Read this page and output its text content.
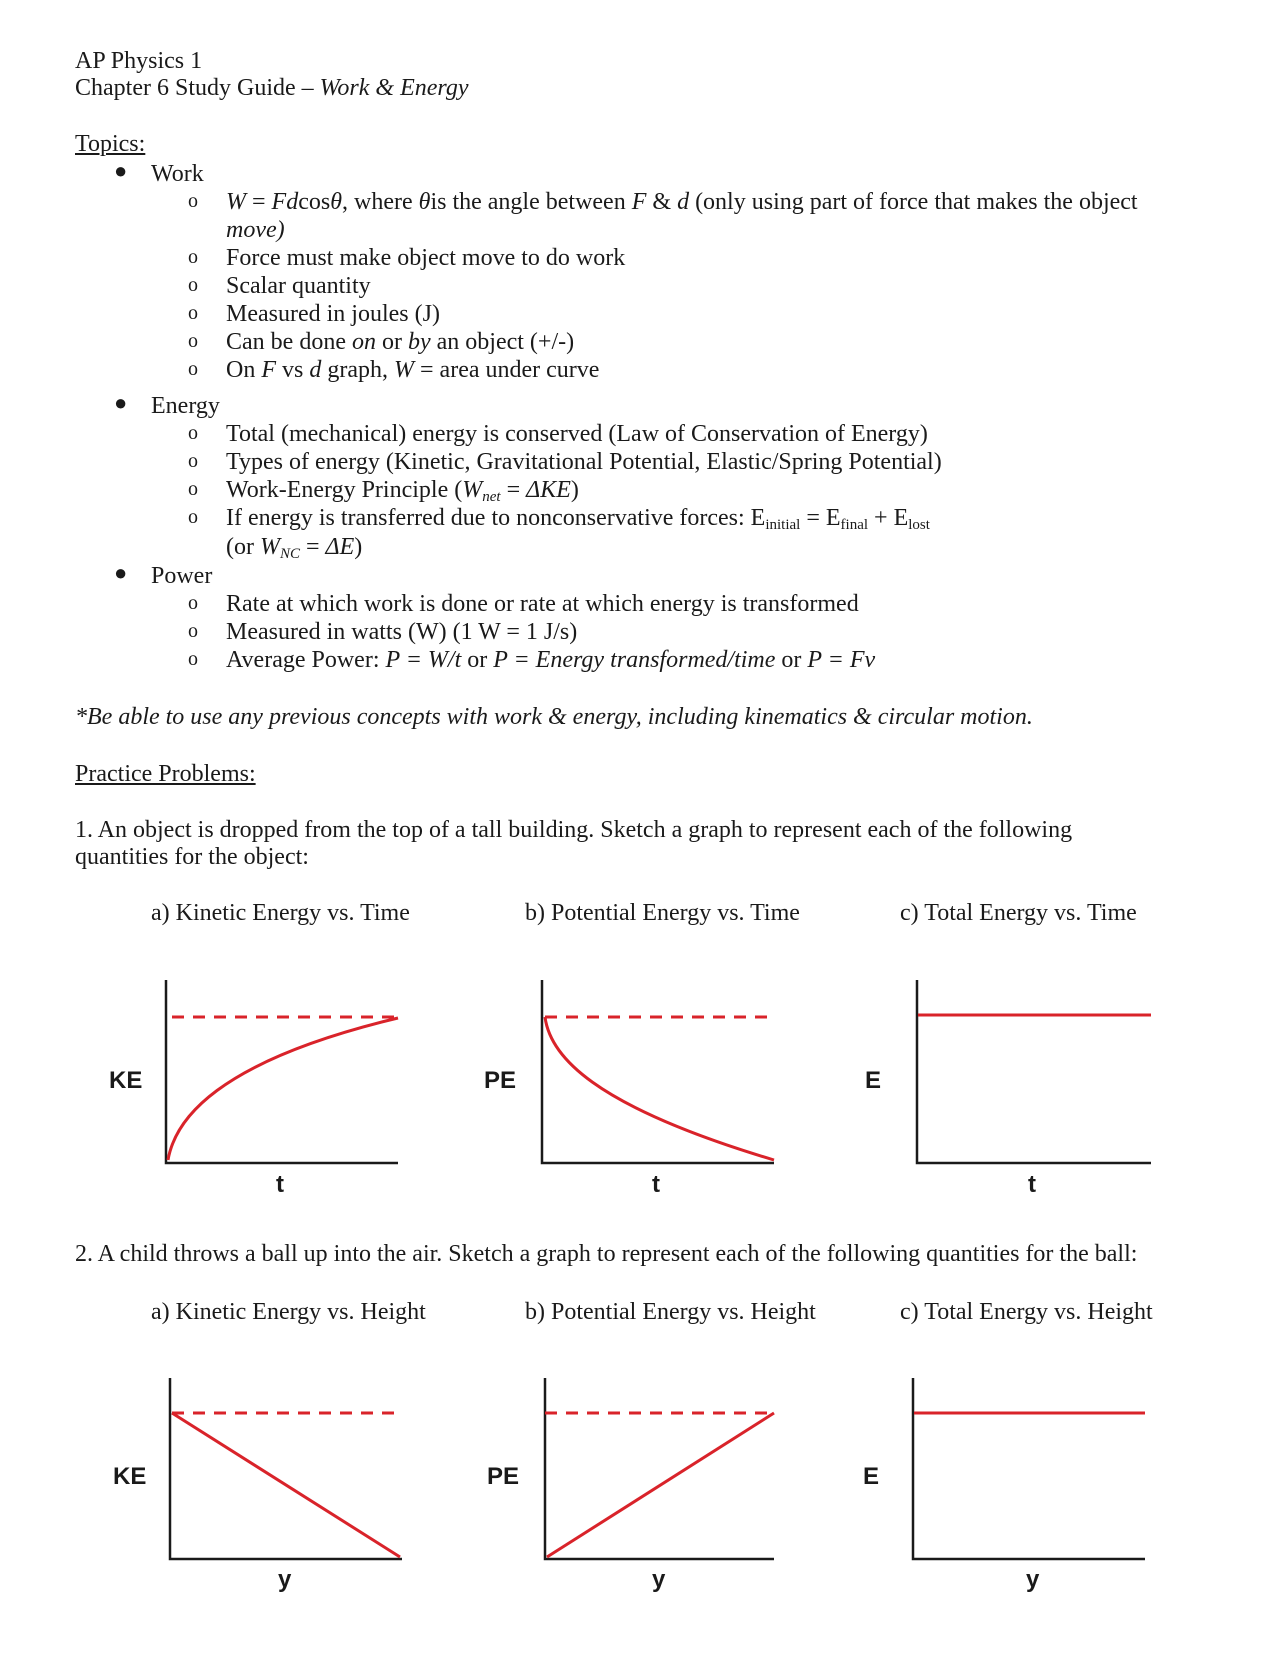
AP Physics 1
Chapter 6 Study Guide – Work & Energy
Topics:
● Work
o W = Fdcosθ, where θis the angle between F & d (only using part of force that makes the object
move)
o Force must make object move to do work
o Scalar quantity
o Measured in joules (J)
o Can be done on or by an object (+/-)
o On F vs d graph, W = area under curve
● Energy
o Total (mechanical) energy is conserved (Law of Conservation of Energy)
o Types of energy (Kinetic, Gravitational Potential, Elastic/Spring Potential)
o Work-Energy Principle $(W_{net} = \Delta KE)$
o If energy is transferred due to nonconservative forces: $E_{initial} = E_{final} + E_{lost}$
(or $W_{NC} = \Delta E$)
● Power
o Rate at which work is done or rate at which energy is transformed
o Measured in watts (W) (1 W = 1 J/s)
o Average Power: P = W/t or P = Energy transformed/time or P = Fv
*Be able to use any previous concepts with work & energy, including kinematics & circular motion.
Practice Problems:
1. An object is dropped from the top of a tall building. Sketch a graph to represent each of the following
quantities for the object:
a) Kinetic Energy vs. Time	b) Potential Energy vs. Time	c) Total Energy vs. Time
2. A child throws a ball up into the air. Sketch a graph to represent each of the following quantities for the ball:
a) Kinetic Energy vs. Height	b) Potential Energy vs. Height	c) Total Energy vs. Height
KE	PE	E
t	t	t
KE	PE	E
y	y	y
